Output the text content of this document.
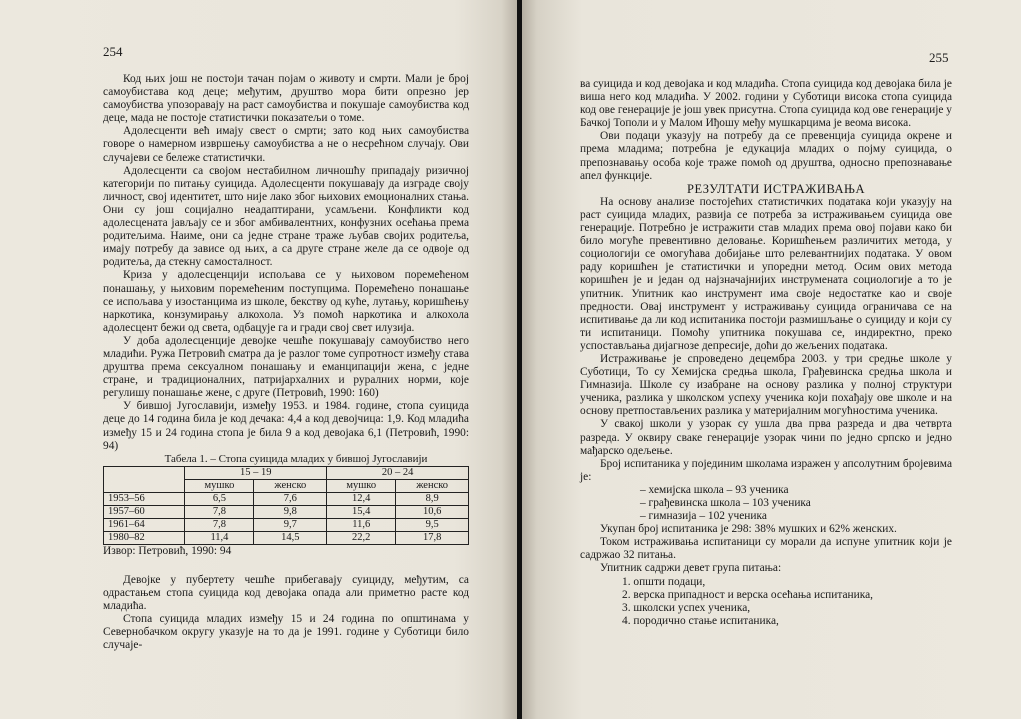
254

Код њих још не постоји тачан појам о животу и смрти. Мали је број самоубистава код деце; међутим, друштво мора бити опрезно јер самоубиства упозоравају на раст самоубиства и покушаје самоубиства код деце, мада не постоје статистички показатељи о томе.

Адолесценти већ имају свест о смрти; зато код њих самоубиства говоре о намерном извршењу самоубиства а не о несрећном случају. Ови случајеви се бележе статистички.

Адолесценти са својом нестабилном личношћу припадају ризичној категорији по питању суицида. Адолесценти покушавају да изграде своју личност, свој идентитет, што није лако због њихових емоционалних стања. Они су још социјално неадаптирани, усамљени. Конфликти код адолесцената јављају се и због амбивалентних, конфузних осећања према родитељима. Наиме, они са једне стране траже љубав својих родитеља, имају потребу да зависе од њих, а са друге стране желе да се одвоје од родитеља, да стекну самосталност.

Криза у адолесценцији испољава се у њиховом поремећеном понашању, у њиховим поремећеним поступцима. Поремећено понашање се испољава у изостанцима из школе, бекству од куће, лутању, коришћењу наркотика, конзумирању алкохола. Уз помоћ наркотика и алкохола адолесцент бежи од света, одбацује га и гради свој свет илузија.

У доба адолесценције девојке чешће покушавају самоубиство него младићи. Ружа Петровић сматра да је разлог томе супротност између става друштва према сексуалном понашању и еманципацији жена, с једне стране, и традиционалних, патријархалних и руралних норми, које регулишу понашање жене, с друге (Петровић, 1990: 160)

У бившој Југославији, између 1953. и 1984. године, стопа суицида деце до 14 година била је код дечака: 4,4 а код девојчица: 1,9. Код младића између 15 и 24 година стопа је била 9 а код девојака 6,1 (Петровић, 1990: 94)

Табела 1. – Стопа суицида младих у бившој Југославији

	15 – 19		20 – 24	
	мушко	женско	мушко	женско
1953–56	6,5	7,6	12,4	8,9
1957–60	7,8	9,8	15,4	10,6
1961–64	7,8	9,7	11,6	9,5
1980–82	11,4	14,5	22,2	17,8

Извор: Петровић, 1990: 94

Девојке у пубертету чешће прибегавају суициду, међутим, са одрастањем стопа суицида код девојака опада али приметно расте код младића.

Стопа суицида младих између 15 и 24 година по општинама у Севернобачком округу указује на то да је 1991. године у Суботици било случаје-

255

ва суицида и код девојака и код младића. Стопа суицида код девојака била је виша него код младића. У 2002. години у Суботици висока стопа суицида код ове генерације је још увек присутна. Стопа суицида код ове генерације у Бачкој Тополи и у Малом Иђошу међу мушкарцима је веома висока.

Ови подаци указују на потребу да се превенција суицида окрене и према младима; потребна је едукација младих о појму суицида, о препознавању особа које траже помоћ од друштва, односно препознавање апел функције.

РЕЗУЛТАТИ ИСТРАЖИВАЊА

На основу анализе постојећих статистичких података који указују на раст суицида младих, развија се потреба за истраживањем суицида ове генерације. Потребно је истражити став младих према овој појави како би било могуће превентивно деловање. Коришћењем различитих метода, у социологији се омогућава добијање што релевантнијих података. У овом раду коришћен је статистички и упоредни метод. Осим ових метода коришћен је и један од најзначајнијих инструмената социологије а то је упитник. Упитник као инструмент има своје недостатке као и своје предности. Овај инструмент у истраживању суицида ограничава се на испитивање да ли код испитаника постоји размишљање о суициду и који су ти испитаници. Помоћу упитника покушава се, индиректно, преко успостављања дијагнозе депресије, доћи до жељених података.

Истраживање је спроведено децембра 2003. у три средње школе у Суботици, То су Хемијска средња школа, Грађевинска средња школа и Гимназија. Школе су изабране на основу разлика у полној структури ученика, разлика у школском успеху ученика који похађају ове школе и на основу претпостављених разлика у материјалним могућностима ученика.

У свакој школи у узорак су ушла два прва разреда и два четврта разреда. У оквиру сваке генерације узорак чини по једно српско и једно мађарско одељење.

Број испитаника у појединим школама изражен у апсолутним бројевима је:

– хемијска школа – 93 ученика

– грађевинска школа – 103 ученика

– гимназија – 102 ученика

Укупан број испитаника је 298: 38% мушких и 62% женских.

Током истраживања испитаници су морали да испуне упитник који је садржао 32 питања.

Упитник садржи девет група питања:

1. општи подаци,

2. верска припадност и верска осећања испитаника,

3. школски успех ученика,

4. породично стање испитаника,
